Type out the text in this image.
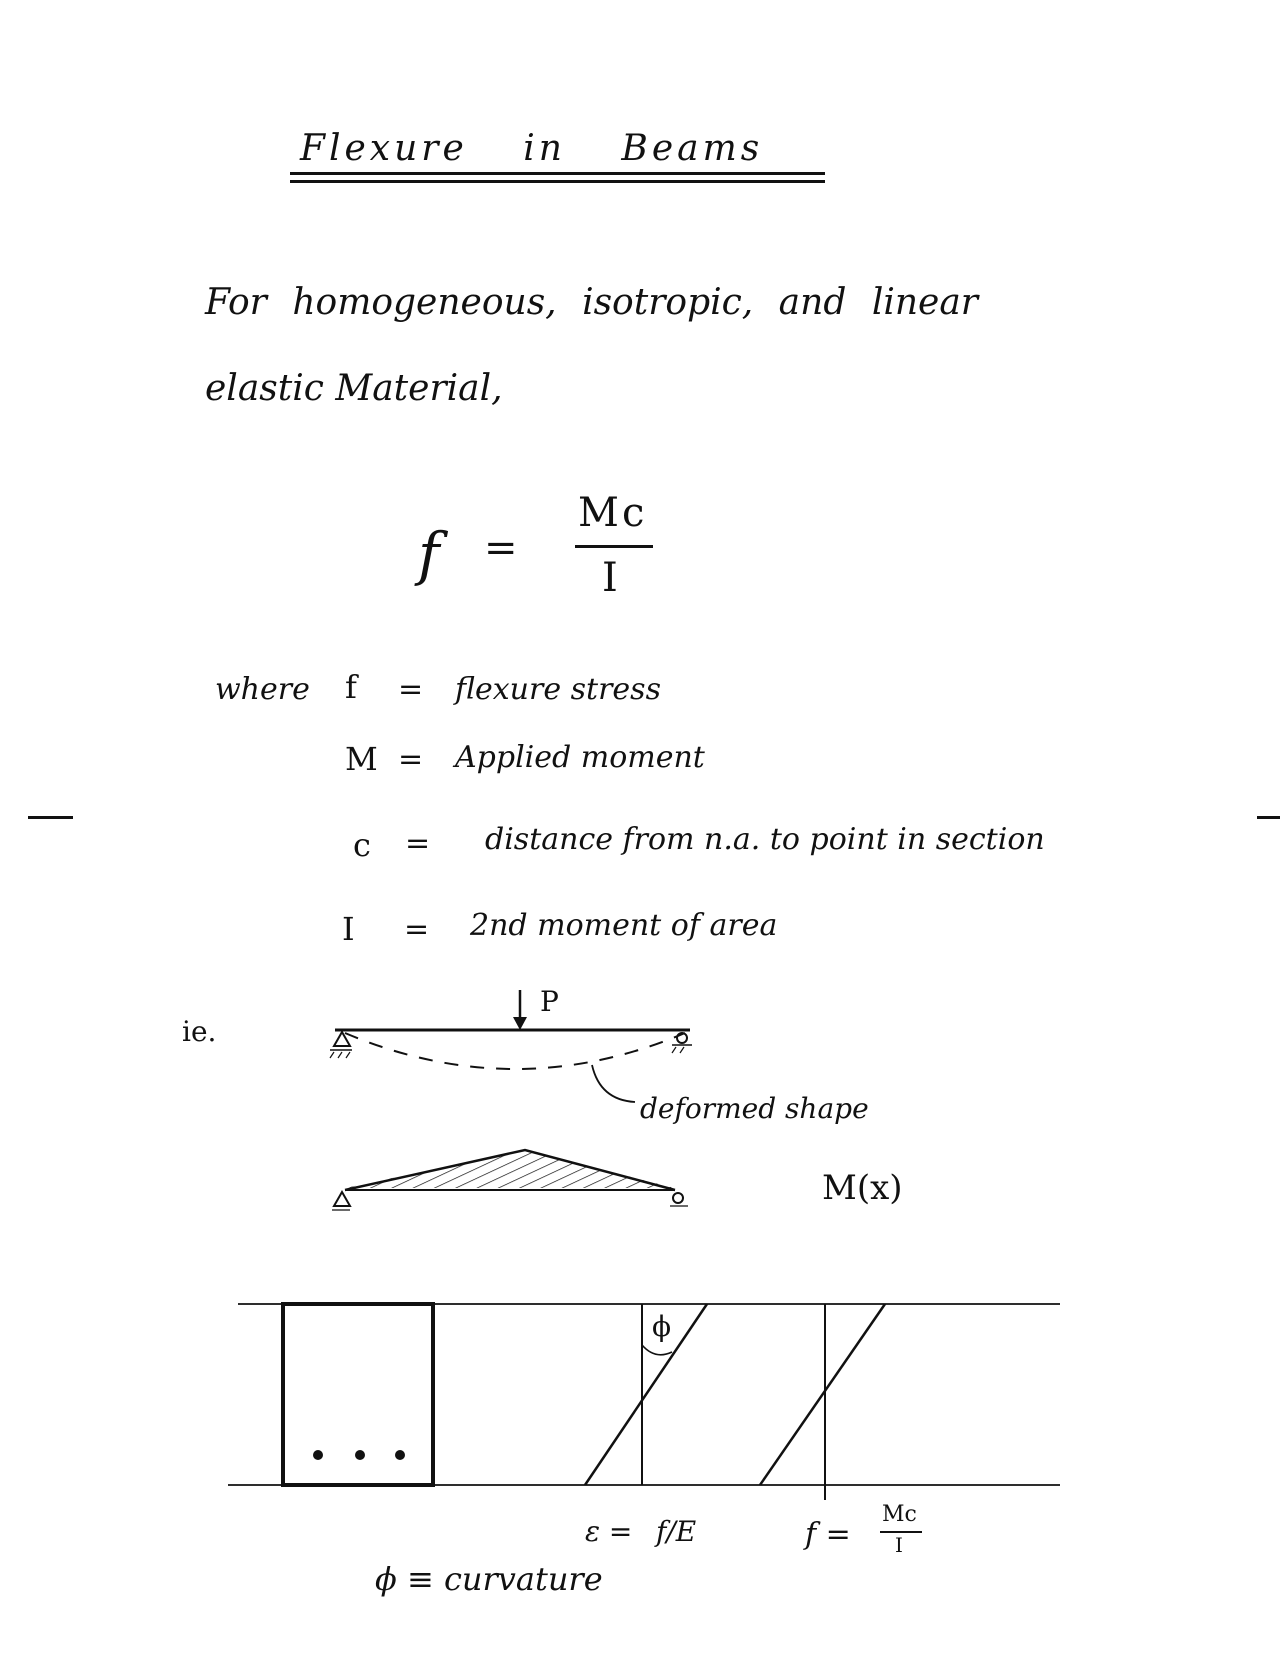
Flexure in Beams
For homogeneous, isotropic, and linear
elastic Material,
f =
Mc
I
where f = flexure stress
M = Applied moment
c = distance from n.a. to point in section
I = 2nd moment of area
ie.
P
deformed shape
M(x)
ϕ
ε = f/E	f =
Mc
I
ϕ ≡ curvature
